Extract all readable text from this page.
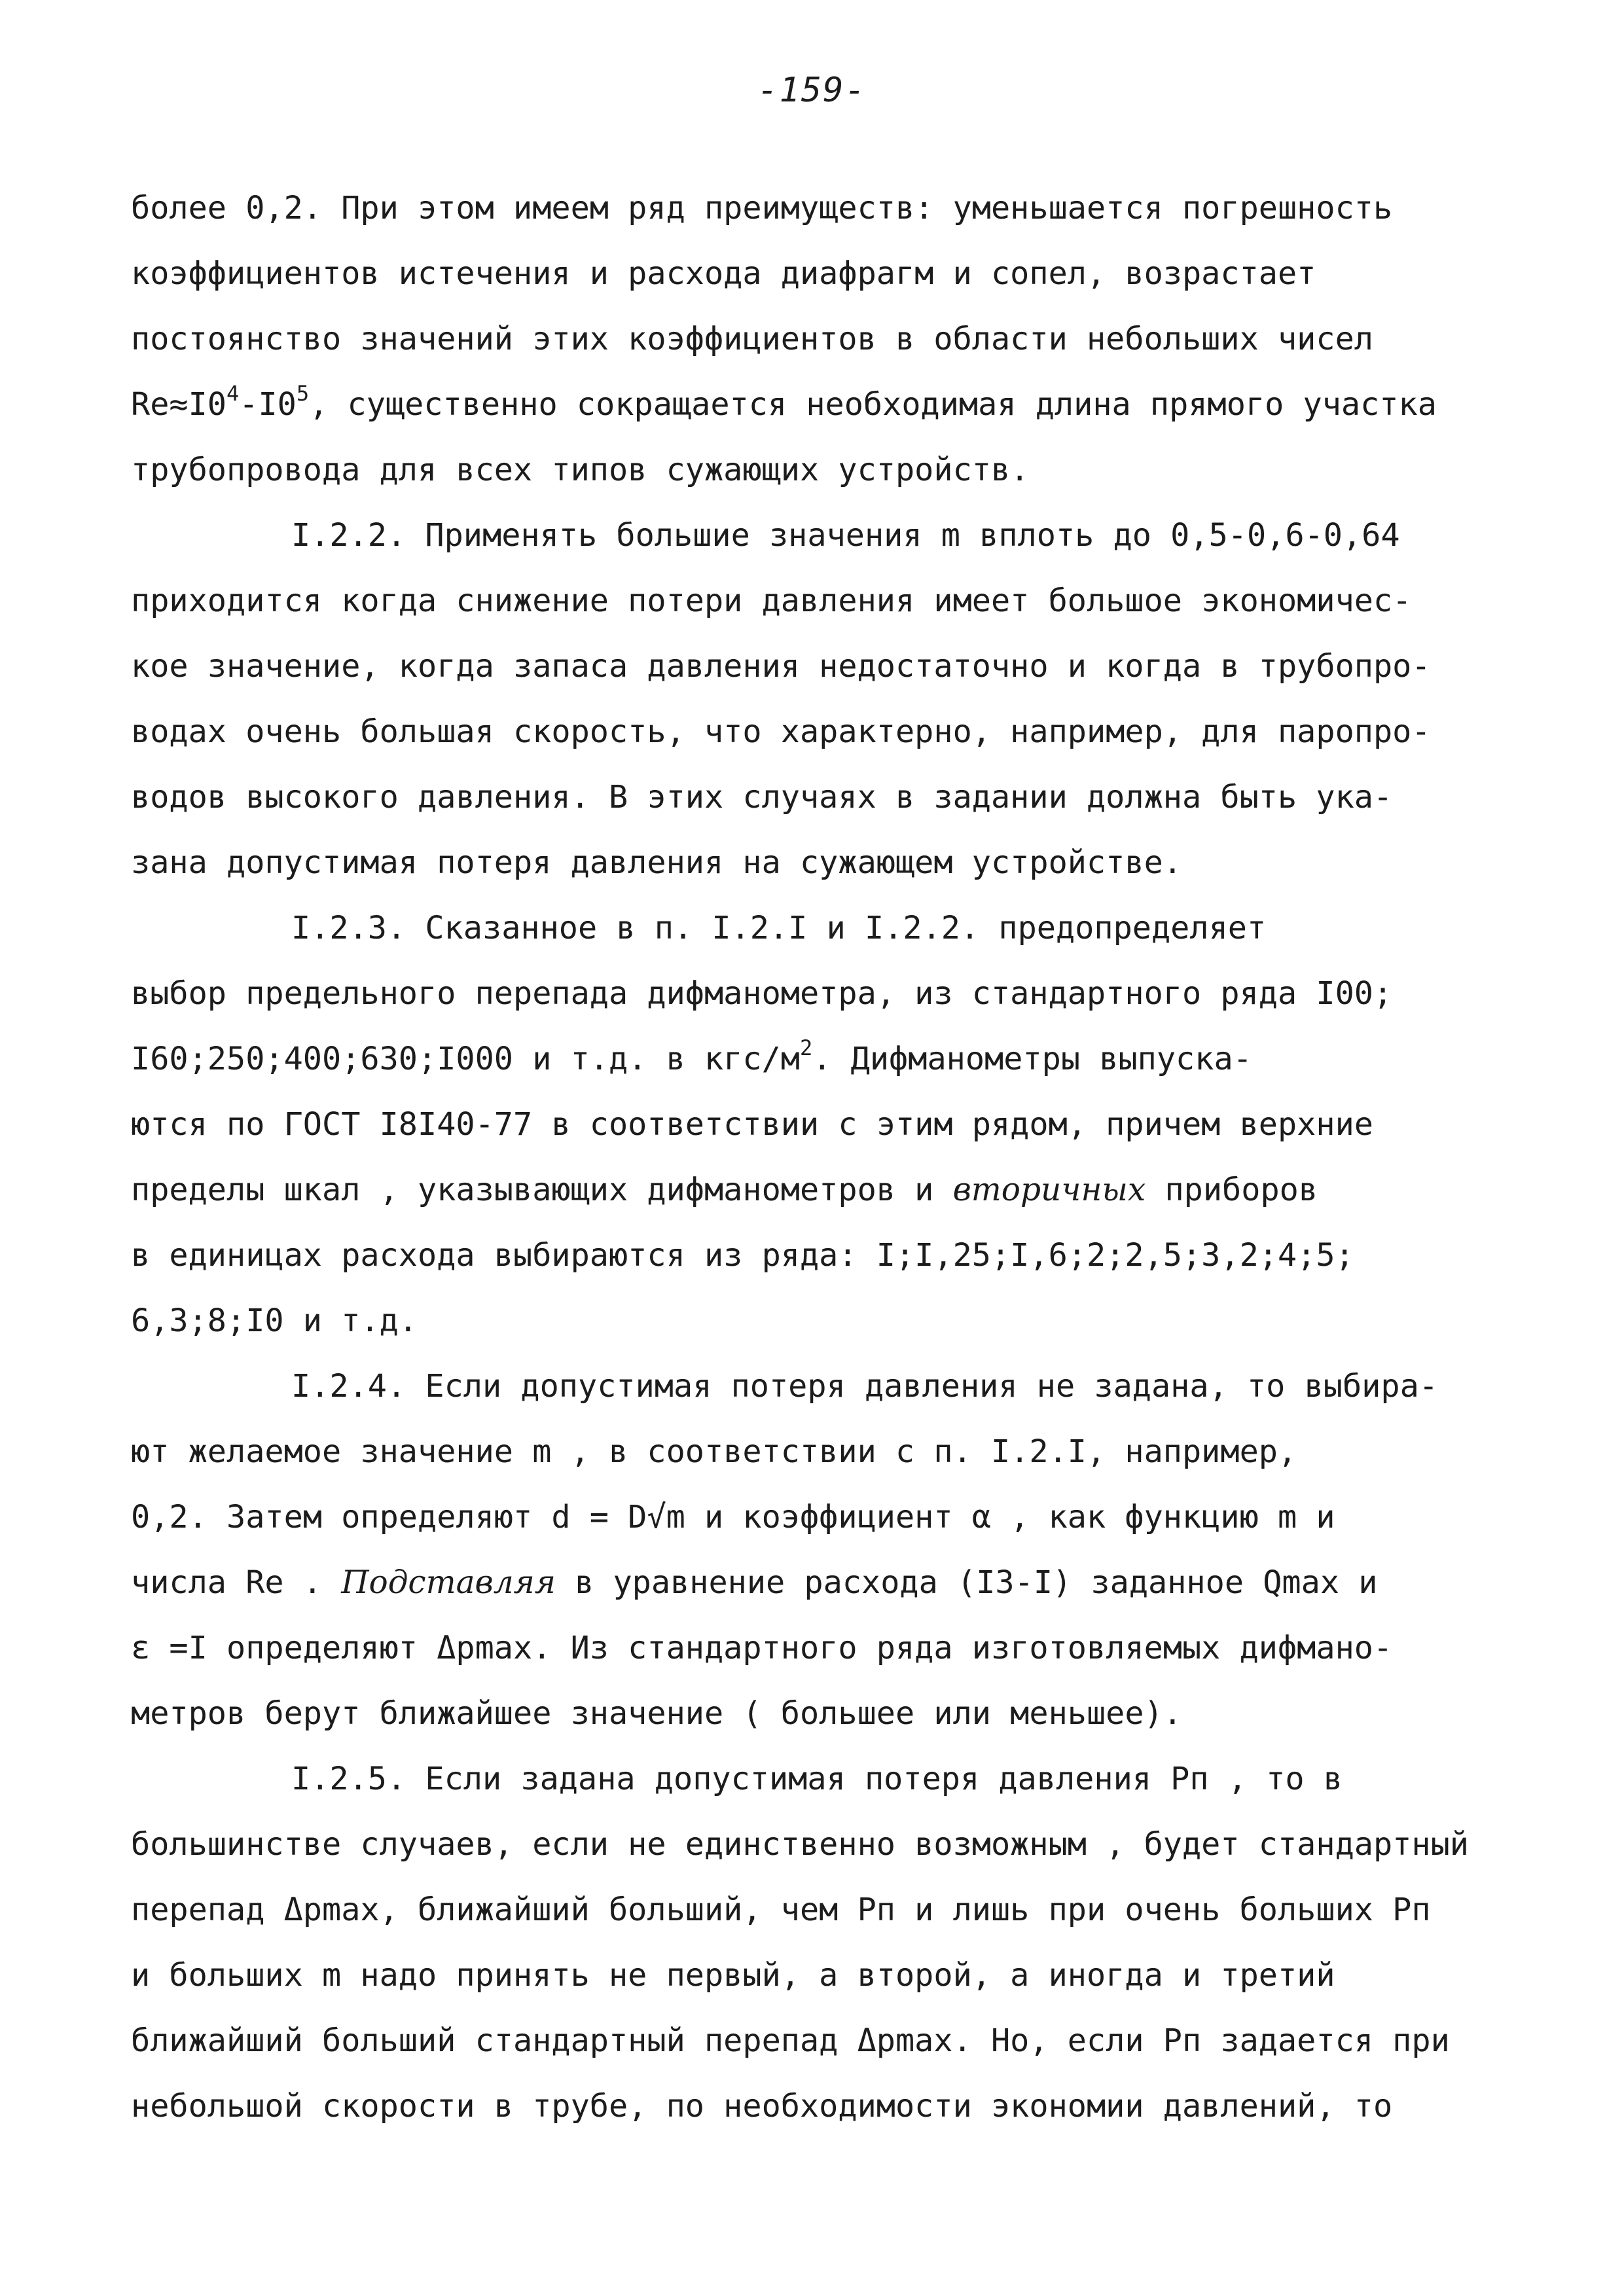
-159-
более 0,2. При этом имеем ряд преимуществ: уменьшается погрешность
коэффициентов истечения и расхода диафрагм и сопел, возрастает
постоянство значений этих коэффициентов в области небольших чисел
$Re\approx I0^4-I0^5$, существенно сокращается необходимая длина прямого участка
трубопровода для всех типов сужающих устройств.
I.2.2. Применять большие значения m вплоть до 0,5-0,6-0,64
приходится когда снижение потери давления имеет большое экономичес-
кое значение, когда запаса давления недостаточно и когда в трубопро-
водах очень большая скорость, что характерно, например, для паропро-
водов высокого давления. В этих случаях в задании должна быть ука-
зана допустимая потеря давления на сужающем устройстве.
I.2.3. Сказанное в п. I.2.I и I.2.2. предопределяет
выбор предельного перепада дифманометра, из стандартного ряда I00;
I60;250;400;630;I000 и т.д. в кгс/$м^2$. Дифманометры выпуска-
ются по ГОСТ I8I40-77 в соответствии с этим рядом, причем верхние
пределы шкал , указывающих дифманометров и вторичных приборов
в единицах расхода выбираются из ряда: I;I,25;I,6;2;2,5;3,2;4;5;
6,3;8;I0 и т.д.
I.2.4. Если допустимая потеря давления не задана, то выбира-
ют желаемое значение m , в соответствии с п. I.2.I, например,
0,2. Затем определяют d = D√m и коэффициент α , как функцию m и
числа Re . Подставляя в уравнение расхода (I3-I) заданное Qmax и
ε =I определяют Δpmax. Из стандартного ряда изготовляемых дифмано-
метров берут ближайшее значение ( большее или меньшее).
I.2.5. Если задана допустимая потеря давления Pп , то в
большинстве случаев, если не единственно возможным , будет стандартный
перепад Δpmax, ближайший больший, чем Pп и лишь при очень больших Pп
и больших m надо принять не первый, а второй, а иногда и третий
ближайший больший стандартный перепад Δpmax. Но, если Pп задается при
небольшой скорости в трубе, по необходимости экономии давлений, то
